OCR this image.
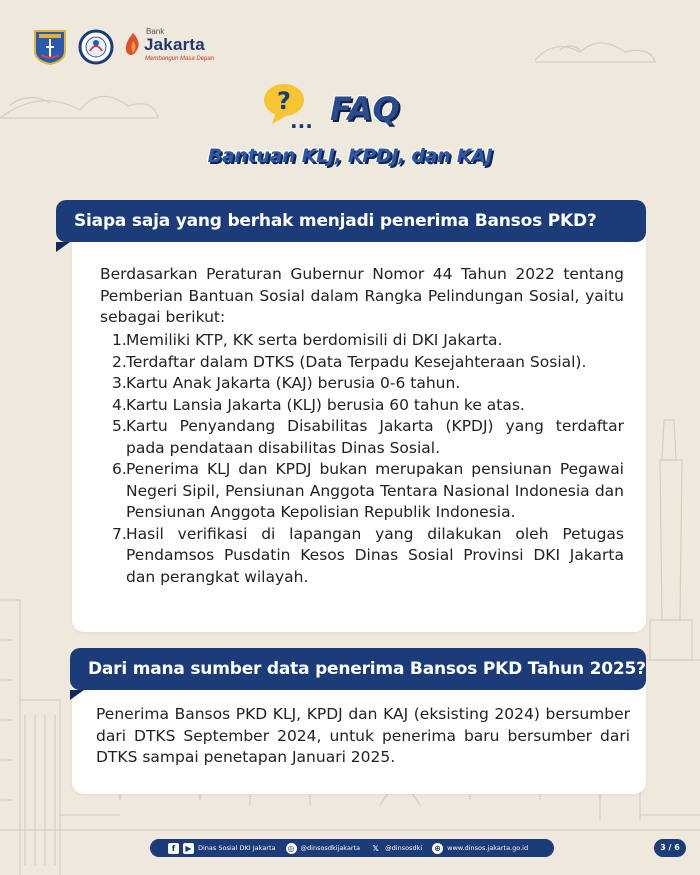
Bank
Jakarta
Membangun Masa Depan
?
... FAQ
Bantuan KLJ, KPDJ, dan KAJ
Siapa saja yang berhak menjadi penerima Bansos PKD?
Berdasarkan Peraturan Gubernur Nomor 44 Tahun 2022 tentang Pemberian Bantuan Sosial dalam Rangka Pelindungan Sosial, yaitu sebagai berikut:
1. Memiliki KTP, KK serta berdomisili di DKI Jakarta.
2. Terdaftar dalam DTKS (Data Terpadu Kesejahteraan Sosial).
3. Kartu Anak Jakarta (KAJ) berusia 0-6 tahun.
4. Kartu Lansia Jakarta (KLJ) berusia 60 tahun ke atas.
5. Kartu Penyandang Disabilitas Jakarta (KPDJ) yang terdaftar pada pendataan disabilitas Dinas Sosial.
6. Penerima KLJ dan KPDJ bukan merupakan pensiunan Pegawai Negeri Sipil, Pensiunan Anggota Tentara Nasional Indonesia dan Pensiunan Anggota Kepolisian Republik Indonesia.
7. Hasil verifikasi di lapangan yang dilakukan oleh Petugas Pendamsos Pusdatin Kesos Dinas Sosial Provinsi DKI Jakarta dan perangkat wilayah.
Dari mana sumber data penerima Bansos PKD Tahun 2025?
Penerima Bansos PKD KLJ, KPDJ dan KAJ (eksisting 2024) bersumber dari DTKS September 2024, untuk penerima baru bersumber dari DTKS sampai penetapan Januari 2025.
f	▶ Dinas Sosial DKI Jakarta ◎ @dinsosdkijakarta 𝕏 @dinsosdki ⊕ www.dinsos.jakarta.go.id	3 / 6
